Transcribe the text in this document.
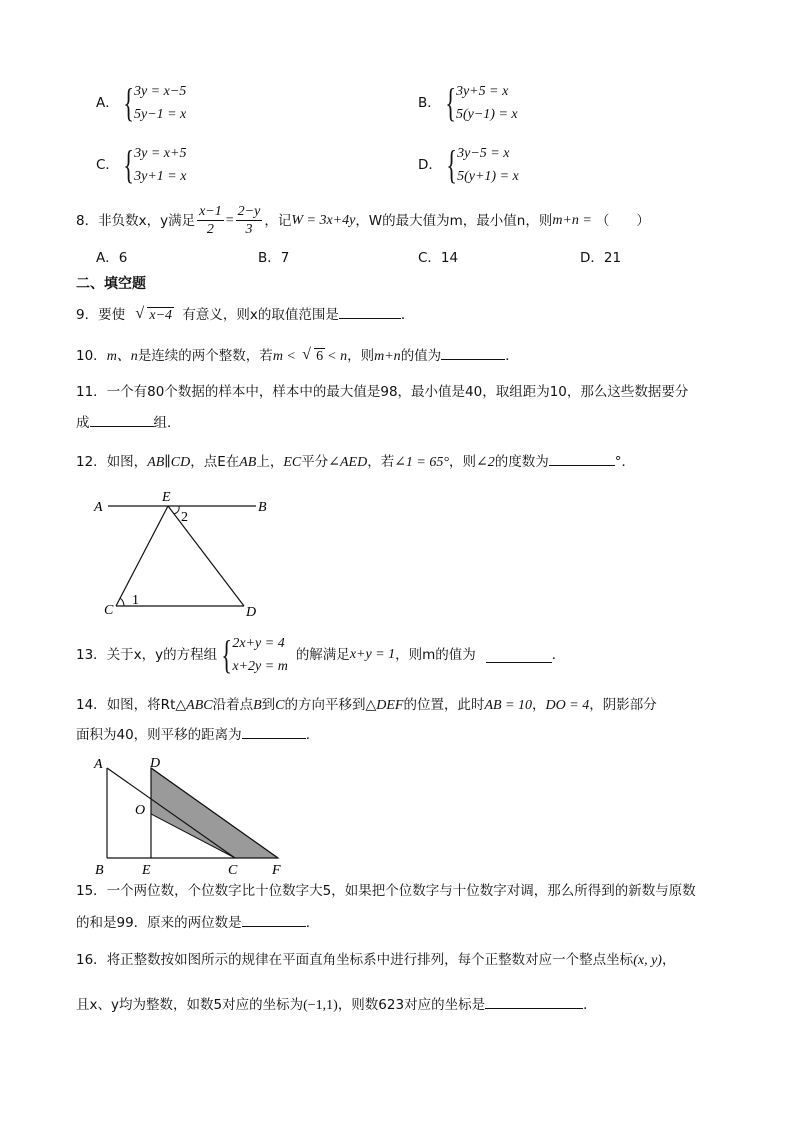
A． { 3y = x−5
5y−1 = x
B． { 3y+5 = x
5(y−1) = x
C． { 3y = x+5
3y+1 = x
D． { 3y−5 = x
5(y+1) = x
8． 非负数x，y满足 $\frac{x-1}{2} = \frac{2-y}{3}$ ，记 W = 3x+4y ，W的最大值为m，最小值n，则 m+n = （　　）
A．6	B．7	C．14	D．21
二、填空题
9．要使 √ x−4 有意义，则x的取值范围是	．
10．m、n是连续的两个整数，若m < √ 6 < n，则m+n的值为	．
11．一个有80个数据的样本中，样本中的最大值是98，最小值是40，取组距为10，那么这些数据要分
成	组．
12．如图，AB∥CD，点E在AB上，EC平分∠AED，若∠1 = 65°，则∠2的度数为	°．
A	B
E
2
C
1
D
13． 关于x，y的方程组 { 2x+y = 4
x+2y = m
的解满足 x+y = 1 ，则m的值为	．
14．如图，将Rt△ABC沿着点B到C的方向平移到△DEF的位置，此时AB = 10，DO = 4，阴影部分
面积为40，则平移的距离为	．
A	D
O
B	E	C F
15．一个两位数，个位数字比十位数字大5，如果把个位数字与十位数字对调，那么所得到的新数与原数
的和是99．原来的两位数是	．
16．将正整数按如图所示的规律在平面直角坐标系中进行排列，每个正整数对应一个整点坐标(x, y)，
且x、y均为整数，如数5对应的坐标为(−1,1)，则数623对应的坐标是	．
